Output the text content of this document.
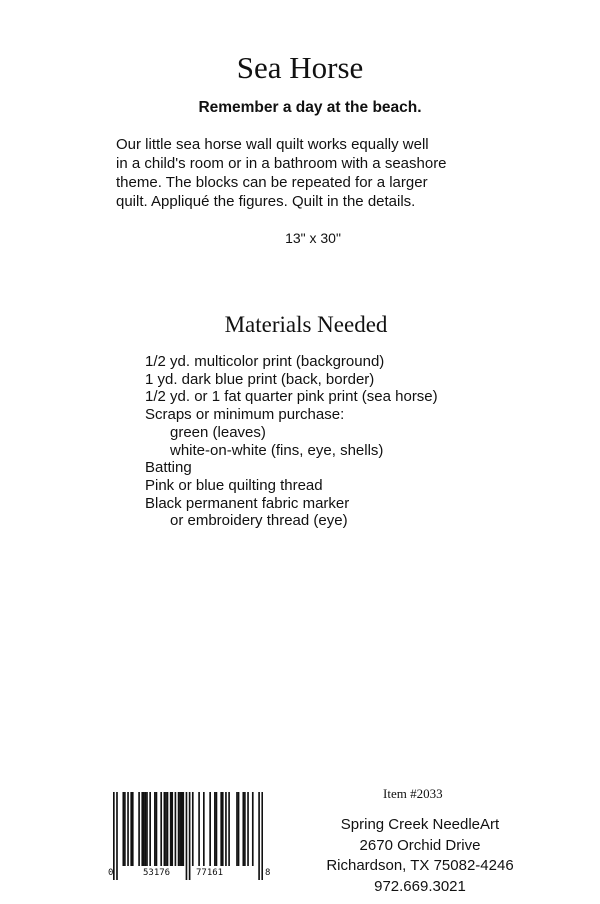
Sea Horse
Remember a day at the beach.
Our little sea horse wall quilt works equally well
in a child's room or in a bathroom with a seashore
theme. The blocks can be repeated for a larger
quilt. Appliqué the figures. Quilt in the details.
13" x 30"
Materials Needed
1/2 yd. multicolor print (background)
1 yd. dark blue print (back, border)
1/2 yd. or 1 fat quarter pink print (sea horse)
Scraps or minimum purchase:
green (leaves)
white-on-white (fins, eye, shells)
Batting
Pink or blue quilting thread
Black permanent fabric marker
or embroidery thread (eye)
0	53176	77161	8
Item #2033
Spring Creek NeedleArt
2670 Orchid Drive
Richardson, TX 75082-4246
972.669.3021
